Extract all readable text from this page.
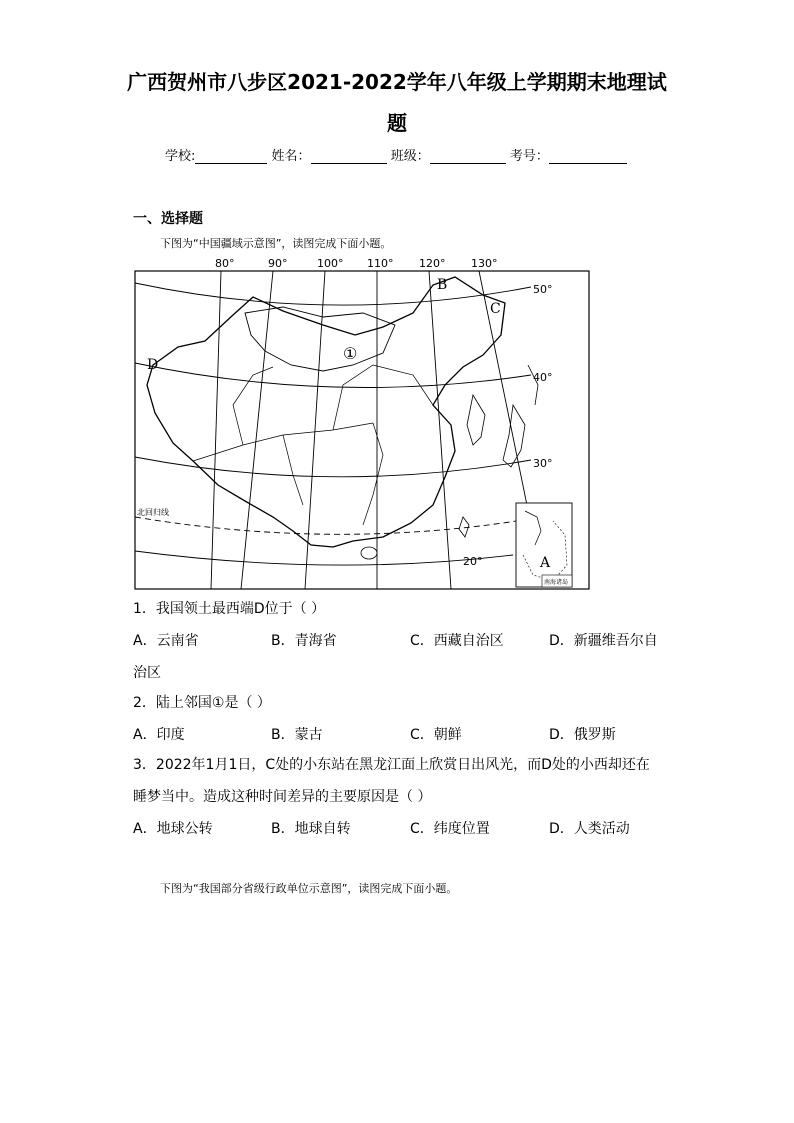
广西贺州市八步区2021-2022学年八年级上学期期末地理试
题
学校:	姓名：	班级：	考号：
一、选择题
下图为“中国疆域示意图”，读图完成下面小题。
80°	90°	100° 110° 120° 130°
50°
40°
30°
20°
B
C
D
①
北回归线
A
南海诸岛
1．我国领土最西端D位于（ ）
A．云南省	B．青海省	C．西藏自治区	D．新疆维吾尔自
治区
2．陆上邻国①是（ ）
A．印度	B．蒙古	C．朝鲜	D．俄罗斯
3．2022年1月1日，C处的小东站在黑龙江面上欣赏日出风光，而D处的小西却还在
睡梦当中。造成这种时间差异的主要原因是（ ）
A．地球公转	B．地球自转	C．纬度位置	D．人类活动
下图为“我国部分省级行政单位示意图”，读图完成下面小题。
